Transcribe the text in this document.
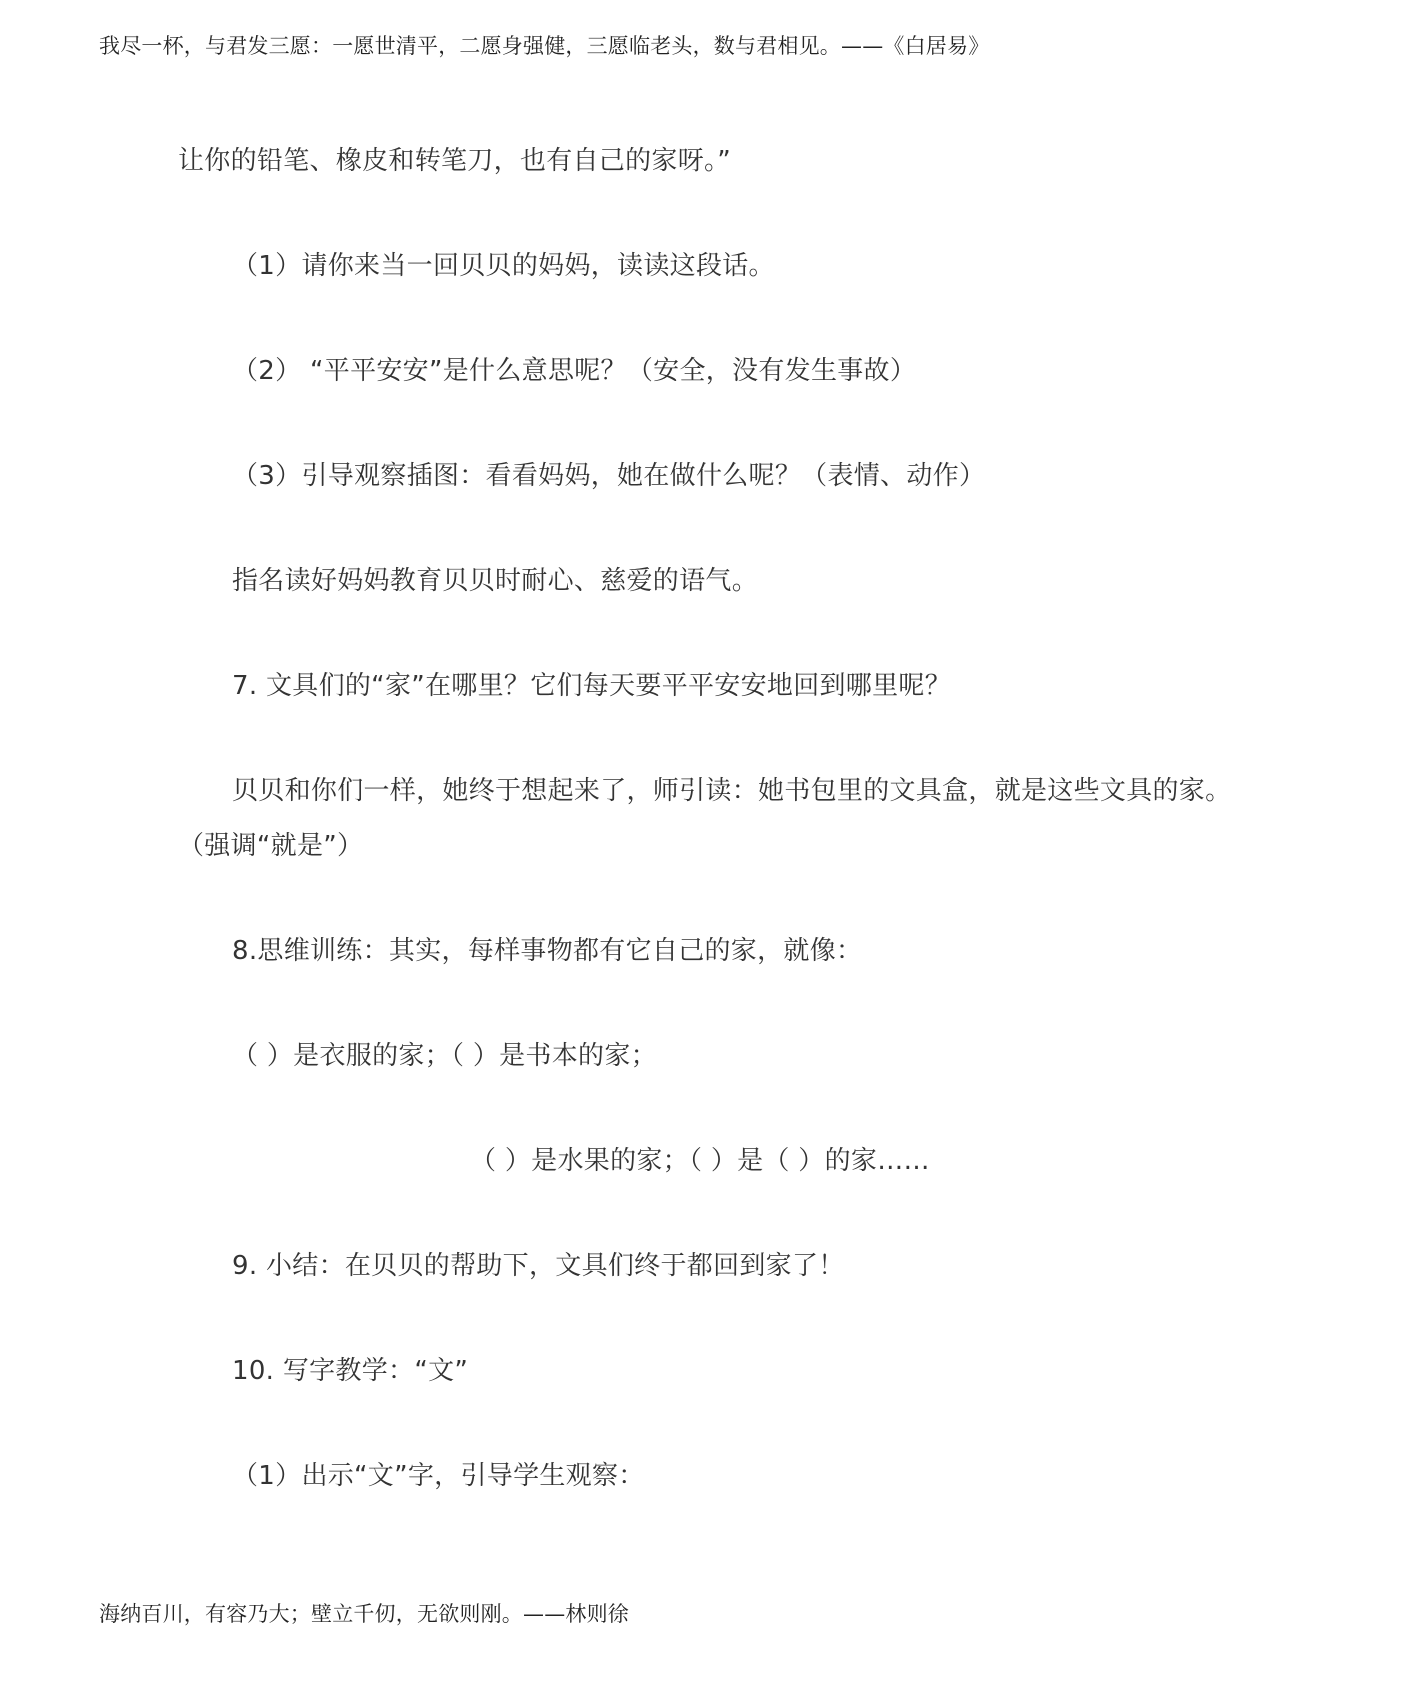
我尽一杯，与君发三愿：一愿世清平，二愿身强健，三愿临老头，数与君相见。——《白居易》
让你的铅笔、橡皮和转笔刀，也有自己的家呀。”
（1）请你来当一回贝贝的妈妈，读读这段话。
（2） “平平安安”是什么意思呢？（安全，没有发生事故）
（3）引导观察插图：看看妈妈，她在做什么呢？（表情、动作）
指名读好妈妈教育贝贝时耐心、慈爱的语气。
7. 文具们的“家”在哪里？它们每天要平平安安地回到哪里呢？
贝贝和你们一样，她终于想起来了，师引读：她书包里的文具盒，就是这些文具的家。
（强调“就是”）
8.思维训练：其实，每样事物都有它自己的家，就像：
（ ）是衣服的家；（ ）是书本的家；
（ ）是水果的家；（ ）是（ ）的家……
9. 小结：在贝贝的帮助下，文具们终于都回到家了！
10. 写字教学：“文”
（1）出示“文”字，引导学生观察：
海纳百川，有容乃大；壁立千仞，无欲则刚。——林则徐
